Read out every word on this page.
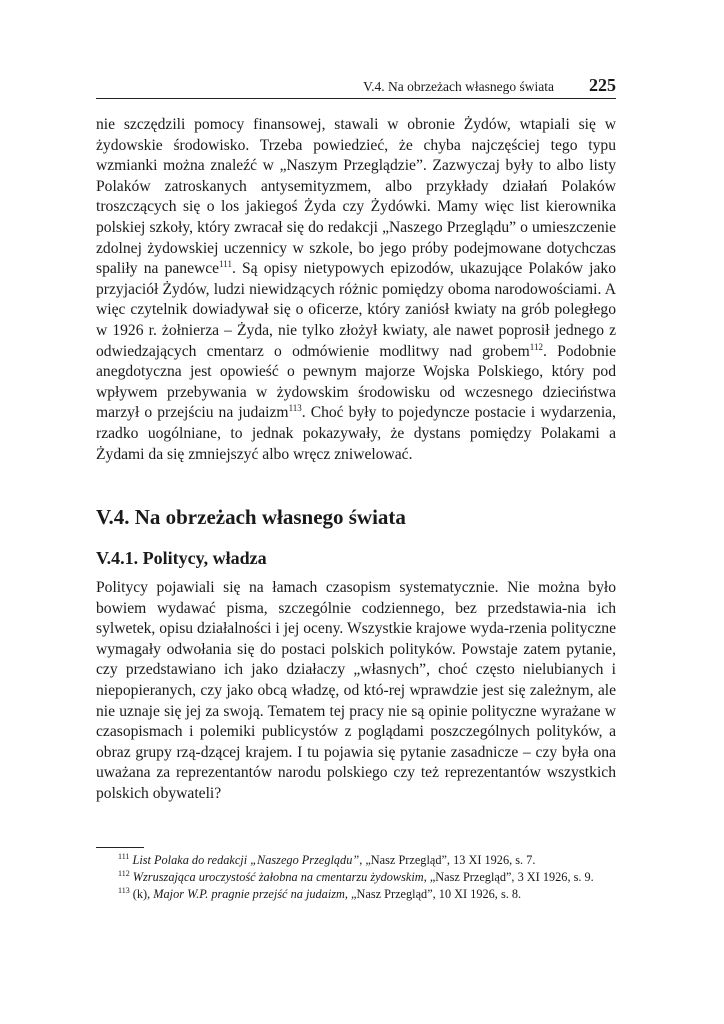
V.4. Na obrzeżach własnego świata 225

nie szczędzili pomocy finansowej, stawali w obronie Żydów, wtapiali się w żydowskie środowisko. Trzeba powiedzieć, że chyba najczęściej tego typu wzmianki można znaleźć w „Naszym Przeglądzie”. Zazwyczaj były to albo listy Polaków zatroskanych antysemityzmem, albo przykłady działań Polaków troszczących się o los jakiegoś Żyda czy Żydówki. Mamy więc list kierownika polskiej szkoły, który zwracał się do redakcji „Naszego Przeglądu” o umieszczenie zdolnej żydowskiej uczennicy w szkole, bo jego próby podejmowane dotychczas spaliły na panewce$^{111}$. Są opisy nietypowych epizodów, ukazujące Polaków jako przyjaciół Żydów, ludzi niewidzących różnic pomiędzy oboma narodowościami. A więc czytelnik dowiadywał się o oficerze, który zaniósł kwiaty na grób poległego w 1926 r. żołnierza – Żyda, nie tylko złożył kwiaty, ale nawet poprosił jednego z odwiedzających cmentarz o odmówienie modlitwy nad grobem$^{112}$. Podobnie anegdotyczna jest opowieść o pewnym majorze Wojska Polskiego, który pod wpływem przebywania w żydowskim środowisku od wczesnego dzieciństwa marzył o przejściu na judaizm$^{113}$. Choć były to pojedyncze postacie i wydarzenia, rzadko uogólniane, to jednak pokazywały, że dystans pomiędzy Polakami a Żydami da się zmniejszyć albo wręcz zniwelować.

V.4. Na obrzeżach własnego świata
V.4.1. Politycy, władza

Politycy pojawiali się na łamach czasopism systematycznie. Nie można było bowiem wydawać pisma, szczególnie codziennego, bez przedstawia-nia ich sylwetek, opisu działalności i jej oceny. Wszystkie krajowe wyda-rzenia polityczne wymagały odwołania się do postaci polskich polityków. Powstaje zatem pytanie, czy przedstawiano ich jako działaczy „własnych”, choć często nielubianych i niepopieranych, czy jako obcą władzę, od któ-rej wprawdzie jest się zależnym, ale nie uznaje się jej za swoją. Tematem tej pracy nie są opinie polityczne wyrażane w czasopismach i polemiki publicystów z poglądami poszczególnych polityków, a obraz grupy rzą-dzącej krajem. I tu pojawia się pytanie zasadnicze – czy była ona uważana za reprezentantów narodu polskiego czy też reprezentantów wszystkich polskich obywateli?

$^{111}$ List Polaka do redakcji „Naszego Przeglądu”, „Nasz Przegląd”, 13 XI 1926, s. 7.

$^{112}$ Wzruszająca uroczystość żałobna na cmentarzu żydowskim, „Nasz Przegląd”, 3 XI 1926, s. 9.

$^{113}$ (k), Major W.P. pragnie przejść na judaizm, „Nasz Przegląd”, 10 XI 1926, s. 8.
